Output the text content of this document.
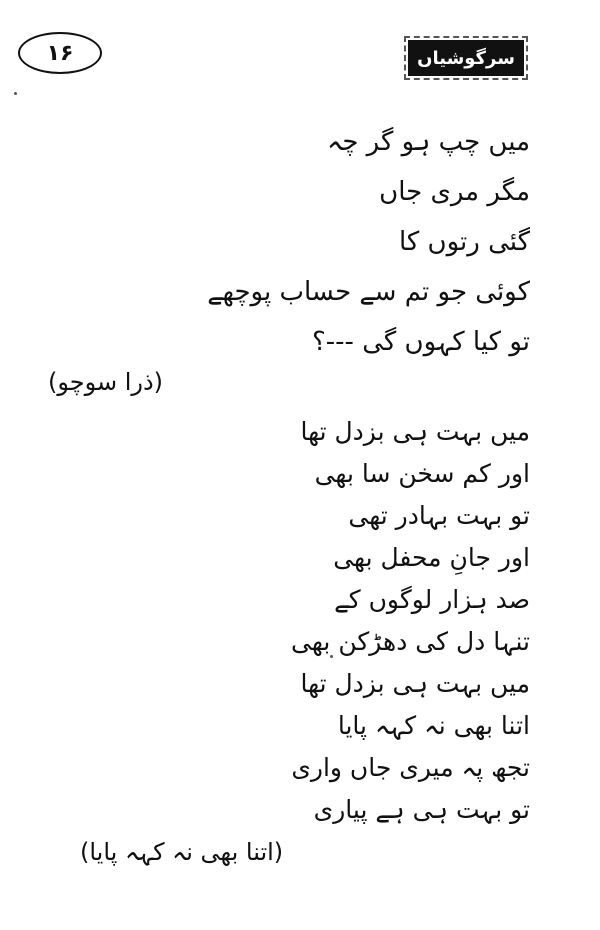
۱۶	سرگوشیاں
میں چپ ہو گر چہ
مگر مری جاں
گئی رتوں کا
کوئی جو تم سے حساب پوچھے
تو کیا کہوں گی ---؟
(ذرا سوچو)
میں بہت ہی بزدل تھا
اور کم سخن سا بھی
تو بہت بہادر تھی
اور جانِ محفل بھی
صد ہزار لوگوں کے
تنہا دل کی دھڑکن بھی
میں بہت ہی بزدل تھا
اتنا بھی نہ کہہ پایا
تجھ پہ میری جاں واری
تو بہت ہی ہے پیاری
(اتنا بھی نہ کہہ پایا)
